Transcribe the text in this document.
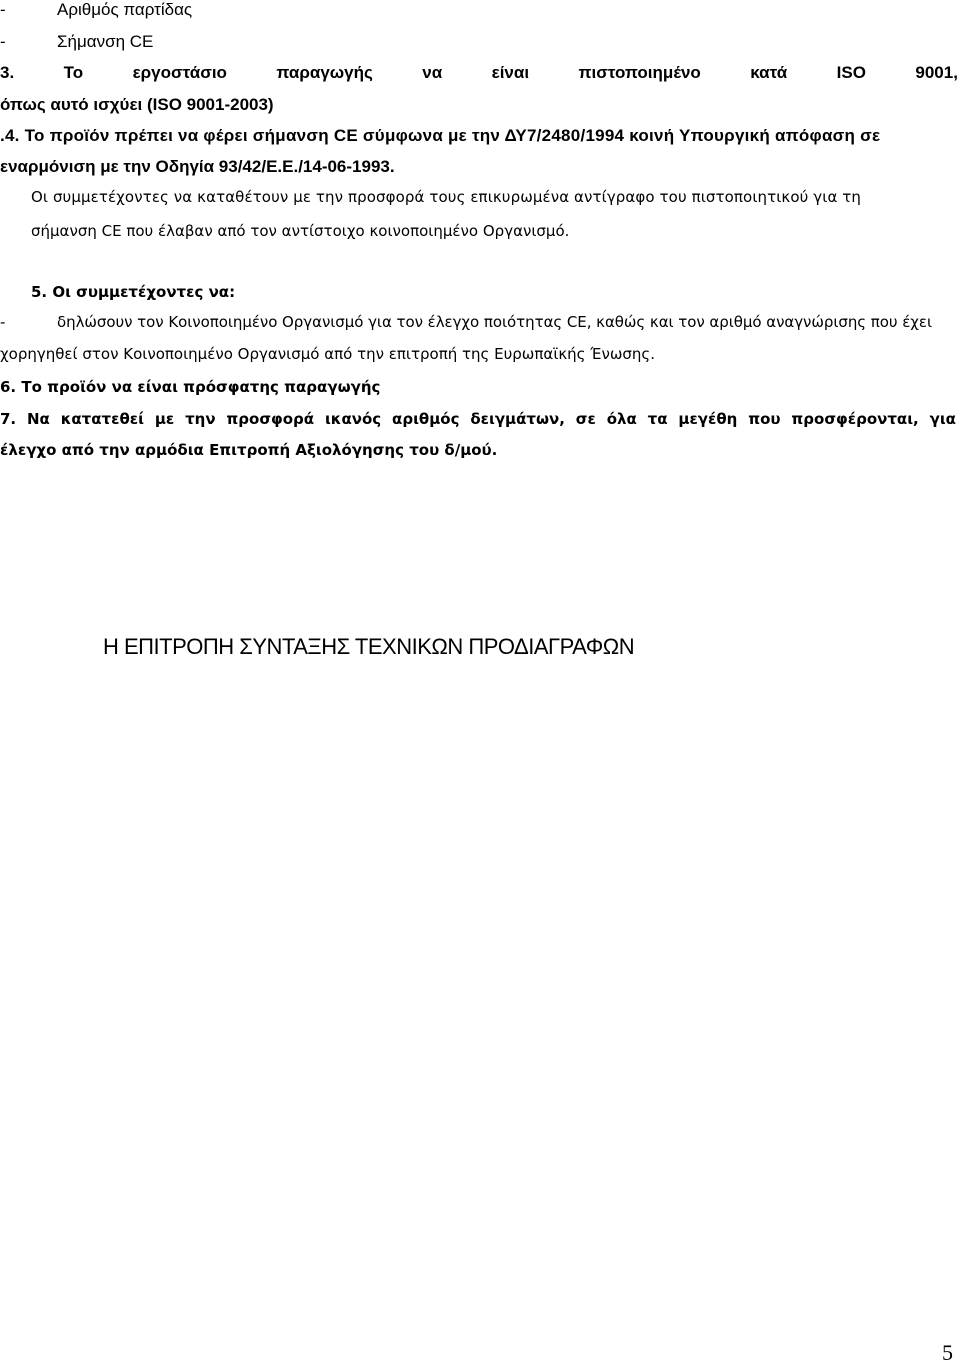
-	Αριθμός παρτίδας
-	Σήμανση CE
3.	Το	εργοστάσιο	παραγωγής	να	είναι	πιστοποιημένο	κατά	ISO	9001,
όπως αυτό ισχύει (ISO 9001-2003)
.4. Το προϊόν πρέπει να φέρει σήμανση CE σύμφωνα με την ΔΥ7/2480/1994 κοινή Υπουργική απόφαση σε
εναρμόνιση με την Οδηγία 93/42/Ε.Ε./14-06-1993.
Οι συμμετέχοντες να καταθέτουν με την προσφορά τους επικυρωμένα αντίγραφο του πιστοποιητικού για τη
σήμανση CE που έλαβαν από τον αντίστοιχο κοινοποιημένο Οργανισμό.
5. Οι συμμετέχοντες να:
-	δηλώσουν τον Κοινοποιημένο Οργανισμό για τον έλεγχο ποιότητας CE, καθώς και τον αριθμό αναγνώρισης που έχει
χορηγηθεί στον Κοινοποιημένο Οργανισμό από την επιτροπή της Ευρωπαϊκής Ένωσης.
6. Το προϊόν να είναι πρόσφατης παραγωγής
7. Να κατατεθεί με την προσφορά ικανός αριθμός δειγμάτων, σε όλα τα μεγέθη που προσφέρονται, για
έλεγχο από την αρμόδια Επιτροπή Αξιολόγησης του δ/μού.
Η ΕΠΙΤΡΟΠΗ ΣΥΝΤΑΞΗΣ ΤΕΧΝΙΚΩΝ ΠΡΟΔΙΑΓΡΑΦΩΝ
5
